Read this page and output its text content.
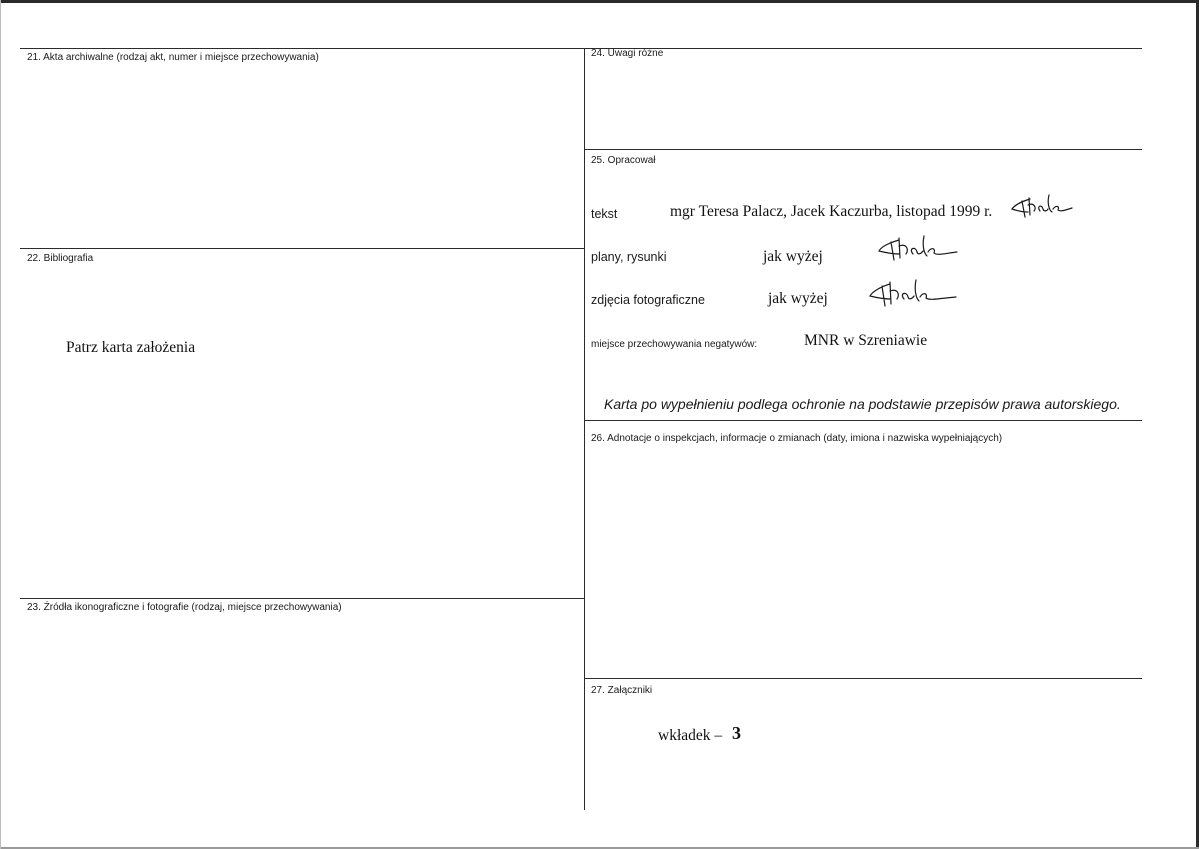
21. Akta archiwalne (rodzaj akt, numer i miejsce przechowywania)
22. Bibliografia
Patrz karta założenia
23. Źródła ikonograficzne i fotografie (rodzaj, miejsce przechowywania)
24. Uwagi różne
25. Opracował
tekst	mgr Teresa Palacz, Jacek Kaczurba, listopad 1999 r.
plany, rysunki	jak wyżej
zdjęcia fotograficzne	jak wyżej
miejsce przechowywania negatywów:	MNR w Szreniawie
Karta po wypełnieniu podlega ochronie na podstawie przepisów prawa autorskiego.
26. Adnotacje o inspekcjach, informacje o zmianach (daty, imiona i nazwiska wypełniających)
27. Załączniki
wkładek – 3
